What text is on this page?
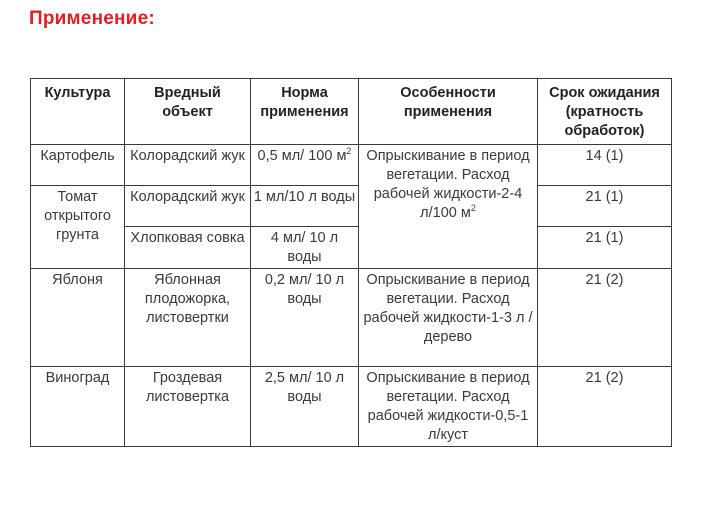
Применение:
Культура	Вредный объект	Норма применения	Особенности применения	Срок ожидания (кратность обработок)
Картофель	Колорадский жук	0,5 мл/ 100 $м^2$	Опрыскивание в период вегетации. Расход рабочей жидкости-2-4 л/100 $м^2$	14 (1)
Томат открытого грунта	Колорадский жук	1 мл/10 л воды		21 (1)
	Хлопковая совка	4 мл/ 10 л воды		21 (1)
Яблоня	Яблонная плодожорка, листовертки	0,2 мл/ 10 л воды	Опрыскивание в период вегетации. Расход рабочей жидкости-1-3 л / дерево	21 (2)
Виноград	Гроздевая листовертка	2,5 мл/ 10 л воды	Опрыскивание в период вегетации. Расход рабочей жидкости-0,5-1 л/куст	21 (2)
